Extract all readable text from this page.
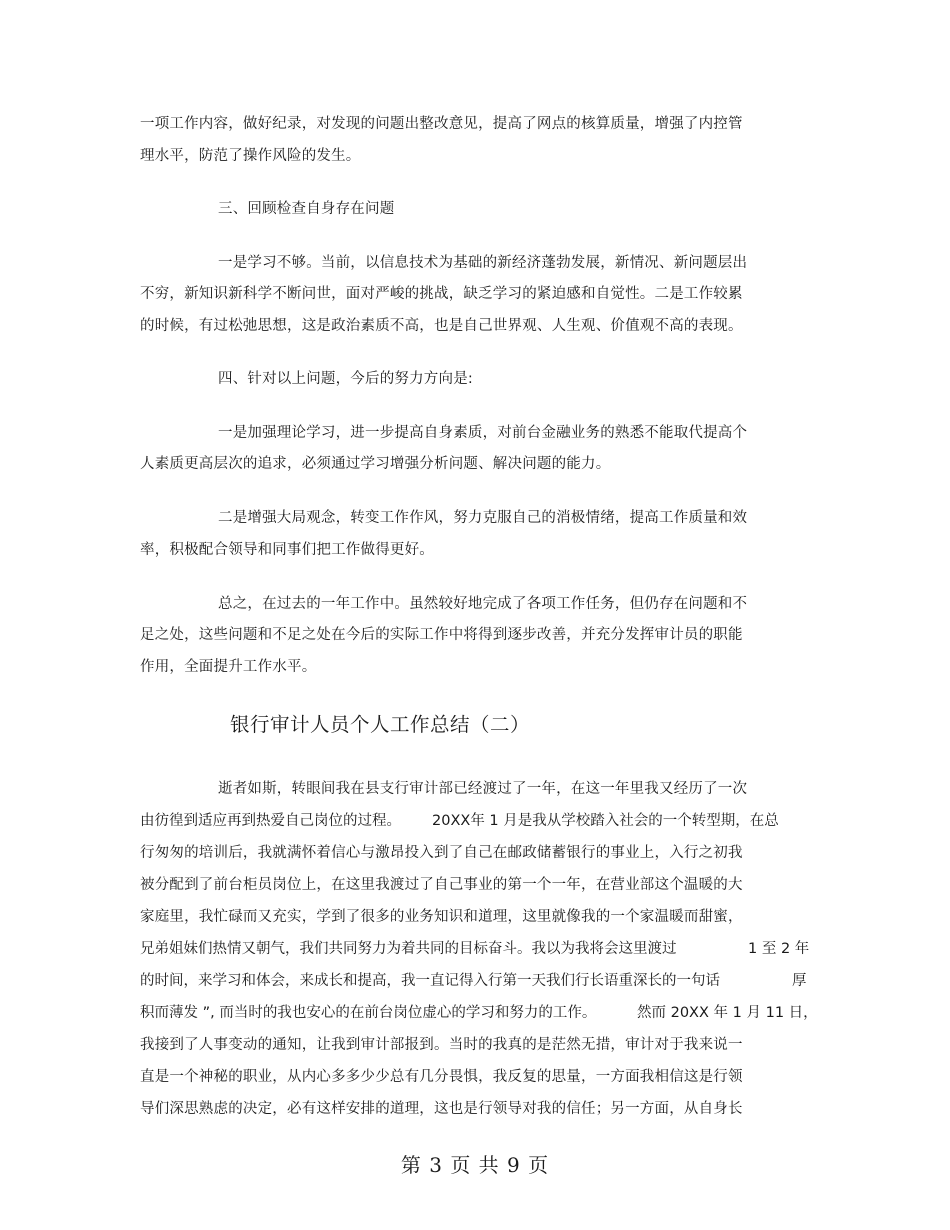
一项工作内容，做好纪录，对发现的问题出整改意见，提高了网点的核算质量，增强了内控管
理水平，防范了操作风险的发生。
三、回顾检查自身存在问题
一是学习不够。当前，以信息技术为基础的新经济蓬勃发展，新情况、新问题层出
不穷，新知识新科学不断问世，面对严峻的挑战，缺乏学习的紧迫感和自觉性。二是工作较累
的时候，有过松弛思想，这是政治素质不高，也是自己世界观、人生观、价值观不高的表现。
四、针对以上问题，今后的努力方向是:
一是加强理论学习，进一步提高自身素质，对前台金融业务的熟悉不能取代提高个
人素质更高层次的追求，必须通过学习增强分析问题、解决问题的能力。
二是增强大局观念，转变工作作风，努力克服自己的消极情绪，提高工作质量和效
率，积极配合领导和同事们把工作做得更好。
总之，在过去的一年工作中。虽然较好地完成了各项工作任务，但仍存在问题和不
足之处，这些问题和不足之处在今后的实际工作中将得到逐步改善，并充分发挥审计员的职能
作用，全面提升工作水平。
银行审计人员个人工作总结（二）
逝者如斯，转眼间我在县支行审计部已经渡过了一年，在这一年里我又经历了一次
由彷徨到适应再到热爱自己岗位的过程。 20XX年 1 月是我从学校踏入社会的一个转型期，在总
行匆匆的培训后，我就满怀着信心与激昂投入到了自己在邮政储蓄银行的事业上，入行之初我
被分配到了前台柜员岗位上，在这里我渡过了自己事业的第一个一年，在营业部这个温暖的大
家庭里，我忙碌而又充实，学到了很多的业务知识和道理，这里就像我的一个家温暖而甜蜜，
兄弟姐妹们热情又朝气，我们共同努力为着共同的目标奋斗。我以为我将会这里渡过	1 至 2 年
的时间，来学习和体会，来成长和提高，我一直记得入行第一天我们行长语重深长的一句话	厚
积而薄发 ”, 而当时的我也安心的在前台岗位虚心的学习和努力的工作。	然而 20XX 年 1 月 11 日，
我接到了人事变动的通知，让我到审计部报到。当时的我真的是茫然无措，审计对于我来说一
直是一个神秘的职业，从内心多多少少总有几分畏惧，我反复的思量，一方面我相信这是行领
导们深思熟虑的决定，必有这样安排的道理，这也是行领导对我的信任；另一方面，从自身长
第 3 页 共 9 页
